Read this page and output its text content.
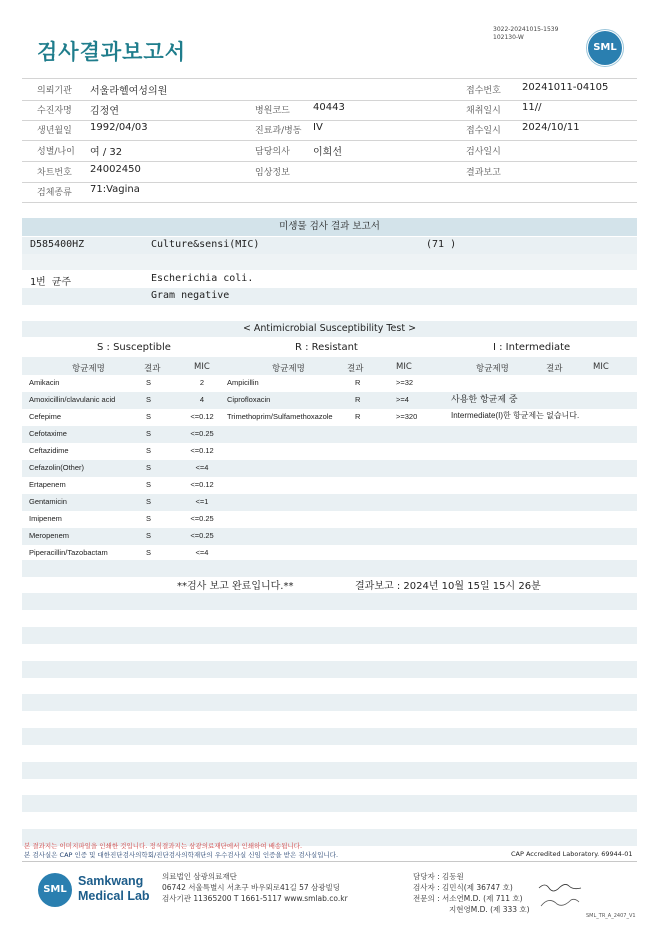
검사결과보고서
3022-20241015-1539
102130-W
SML
의뢰기관 서울라헬여성의원	접수번호 20241011-04105
수진자명 김정연	병원코드 40443	채취일시 11//
생년월일 1992/04/03	진료과/병동 IV	접수일시 2024/10/11
성별/나이 여 / 32	담당의사 이희선	검사일시
차트번호 24002450	임상정보	결과보고
검체종류 71:Vagina
미생물 검사 결과 보고서
D585400HZ	Culture&sensi(MIC)	(71 )
1번 균주	Escherichia coli.
Gram negative
< Antimicrobial Susceptibility Test >
S : Susceptible	R : Resistant	I : Intermediate
항균제명	결과	MIC	항균제명	결과	MIC	항균제명	결과	MIC
Amikacin	S	2	Ampicillin	R	>=32
Amoxicillin/clavulanic acid	S	4	Ciprofloxacin	R	>=4
Cefepime	S	<=0.12	Trimethoprim/Sulfamethoxazole	R	>=320
Cefotaxime	S	<=0.25
Ceftazidime	S	<=0.12
Cefazolin(Other)	S	<=4
Ertapenem	S	<=0.12
Gentamicin	S	<=1
Imipenem	S	<=0.25
Meropenem	S	<=0.25
Piperacillin/Tazobactam	S	<=4
사용한 항균제 중
Intermediate(I)한 항균제는 없습니다.
**검사 보고 완료입니다.**	결과보고 : 2024년 10월 15일 15시 26분
본 결과지는 이미지파일을 인쇄한 것입니다. 정식결과지는 삼광의료재단에서 인쇄하여 배송됩니다.
본 검사실은 CAP 인증 및 대한진단검사의학회/진단검사의학재단의 우수검사실 신임 인증을 받은 검사실입니다.	CAP Accredited Laboratory. 69944-01
SML
Samkwang
Medical Lab
의료법인 삼광의료재단
06742 서울특별시 서초구 바우뫼로41길 57 삼광빌딩
검사기관 11365200 T 1661-5117 www.smlab.co.kr
담당자 : 김동원
검사자 : 김민식(제 36747 호)
전문의 : 서소연M.D. (제 711 호)
지현영M.D. (제 333 호)
SML_TR_A_2407_V1
